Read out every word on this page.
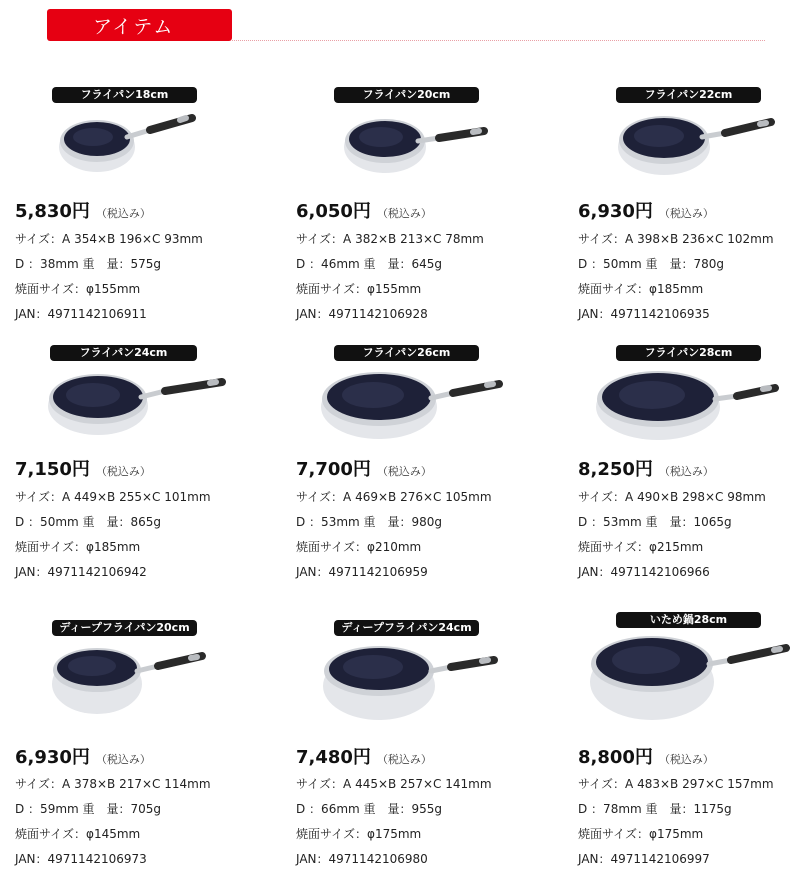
アイテム
フライパン18cm
5,830円 （税込み）
サイズ：A 354×B 196×C 93mm
D ：38mm 重　量：575g
焼面サイズ：φ155mm
JAN：4971142106911
フライパン20cm
6,050円 （税込み）
サイズ：A 382×B 213×C 78mm
D ：46mm 重　量：645g
焼面サイズ：φ155mm
JAN：4971142106928
フライパン22cm
6,930円 （税込み）
サイズ：A 398×B 236×C 102mm
D ：50mm 重　量：780g
焼面サイズ：φ185mm
JAN：4971142106935
フライパン24cm
7,150円 （税込み）
サイズ：A 449×B 255×C 101mm
D ：50mm 重　量：865g
焼面サイズ：φ185mm
JAN：4971142106942
フライパン26cm
7,700円 （税込み）
サイズ：A 469×B 276×C 105mm
D ：53mm 重　量：980g
焼面サイズ：φ210mm
JAN：4971142106959
フライパン28cm
8,250円 （税込み）
サイズ：A 490×B 298×C 98mm
D ：53mm 重　量：1065g
焼面サイズ：φ215mm
JAN：4971142106966
ディープフライパン20cm
6,930円 （税込み）
サイズ：A 378×B 217×C 114mm
D ：59mm 重　量：705g
焼面サイズ：φ145mm
JAN：4971142106973
ディープフライパン24cm
7,480円 （税込み）
サイズ：A 445×B 257×C 141mm
D ：66mm 重　量：955g
焼面サイズ：φ175mm
JAN：4971142106980
いため鍋28cm
8,800円 （税込み）
サイズ：A 483×B 297×C 157mm
D ：78mm 重　量：1175g
焼面サイズ：φ175mm
JAN：4971142106997
